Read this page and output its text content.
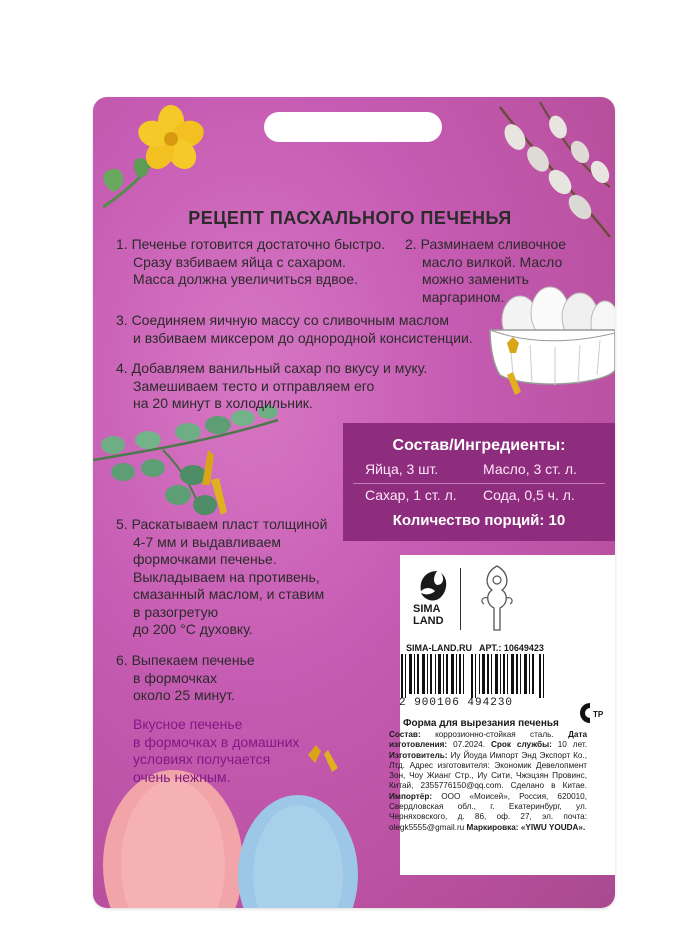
РЕЦЕПТ ПАСХАЛЬНОГО ПЕЧЕНЬЯ
1. Печенье готовится достаточно быстро.
Сразу взбиваем яйца с сахаром.
Масса должна увеличиться вдвое.
2. Разминаем сливочное
масло вилкой. Масло
можно заменить
маргарином.
3. Соединяем яичную массу со сливочным маслом
и взбиваем миксером до однородной консистенции.
4. Добавляем ванильный сахар по вкусу и муку.
Замешиваем тесто и отправляем его
на 20 минут в холодильник.
5. Раскатываем пласт толщиной
4-7 мм и выдавливаем
формочками печенье.
Выкладываем на противень,
смазанный маслом, и ставим
в разогретую
до 200 °С духовку.
6. Выпекаем печенье
в формочках
около 25 минут.
Вкусное печенье
в формочках в домашних
условиях получается
очень нежным.
Состав/Ингредиенты:
Яйца, 3 шт.	Масло, 3 ст. л.
Сахар, 1 ст. л. Сода, 0,5 ч. л.
Количество порций: 10
SIMA
LAND
SIMA-LAND.RU АРТ.: 10649423
2 900106 494230
TP
Форма для вырезания печенья
Состав: коррозионно-стойкая сталь. Дата изготовления: 07.2024. Срок службы: 10 лет. Изготовитель: Иу Йоуда Импорт Энд Экспорт Ко., Лтд. Адрес изготовителя: Экономик Девелопмент Зон, Чоу Жианг Стр., Иу Сити, Чжэцзян Провинс, Китай, 2355776150@qq.com. Сделано в Китае. Импортёр: ООО «Моисей», Россия, 620010, Свердловская обл., г. Екатеринбург, ул. Черняховского, д. 86, оф. 27, эл. почта: olegk5555@gmail.ru Маркировка: «YIWU YOUDA».
